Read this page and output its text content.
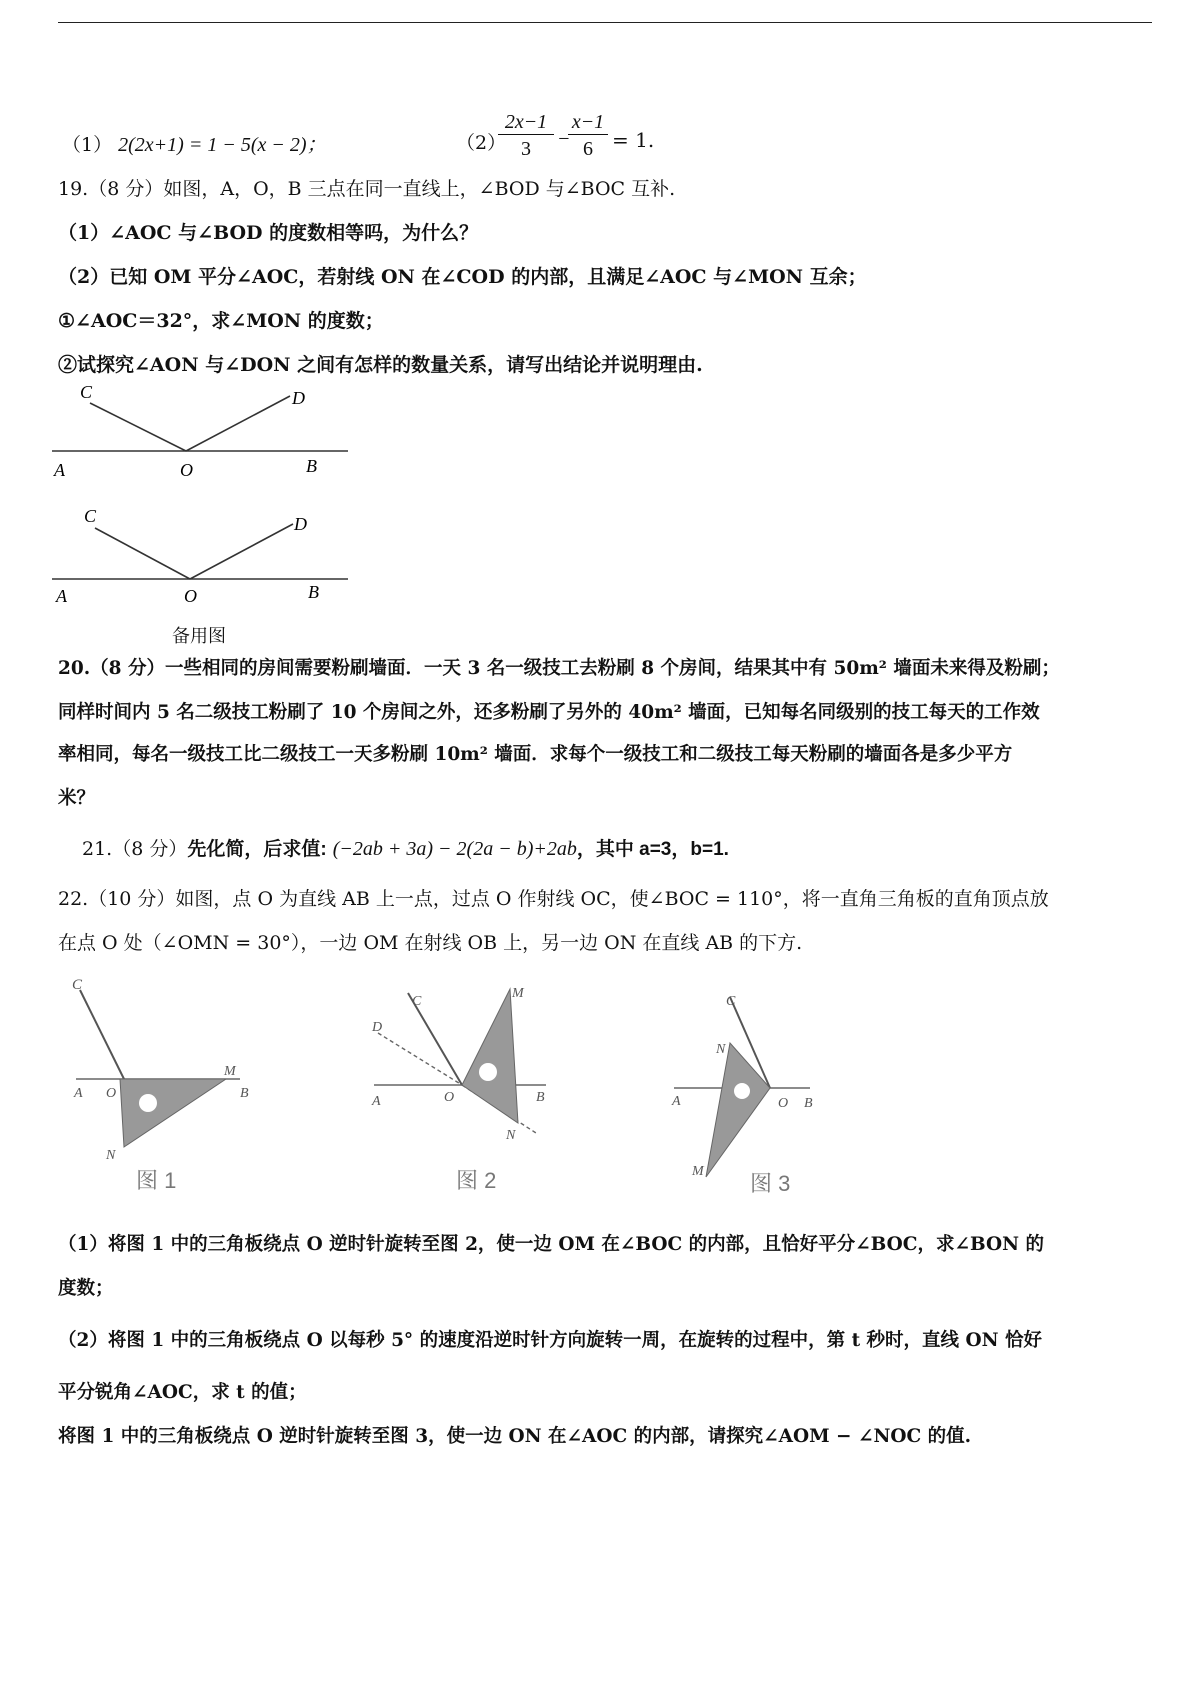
（1） 2(2x+1) = 1 − 5(x − 2)；	（2）
$\frac{2x-1}{3}$ −
$\frac{x-1}{6} = 1$.
19.（8 分）如图，A，O，B 三点在同一直线上，∠BOD 与∠BOC 互补.
（1）∠AOC 与∠BOD 的度数相等吗，为什么？
（2）已知 OM 平分∠AOC，若射线 ON 在∠COD 的内部，且满足∠AOC 与∠MON 互余；
①∠AOC＝32°，求∠MON 的度数；
②试探究∠AON 与∠DON 之间有怎样的数量关系，请写出结论并说明理由.
C	D
A	O	B
C	D
A	O	B
备用图
20.（8 分）一些相同的房间需要粉刷墙面．一天 3 名一级技工去粉刷 8 个房间，结果其中有 50m² 墙面未来得及粉刷；
同样时间内 5 名二级技工粉刷了 10 个房间之外，还多粉刷了另外的 40m² 墙面，已知每名同级别的技工每天的工作效
率相同，每名一级技工比二级技工一天多粉刷 10m² 墙面．求每个一级技工和二级技工每天粉刷的墙面各是多少平方
米？
21.（8 分）先化简，后求值: (−2ab + 3a) − 2(2a − b)+2ab，其中 a=3，b=1.
22.（10 分）如图，点 O 为直线 AB 上一点，过点 O 作射线 OC，使∠BOC = 110°，将一直角三角板的直角顶点放
在点 O 处（∠OMN = 30°），一边 OM 在射线 OB 上，另一边 ON 在直线 AB 的下方.
C
A O
M
B
N
图 1
C
D
M
A	O	B
N
图 2
C
N
A	O B
M 图 3
（1）将图 1 中的三角板绕点 O 逆时针旋转至图 2，使一边 OM 在∠BOC 的内部，且恰好平分∠BOC，求∠BON 的
度数；
（2）将图 1 中的三角板绕点 O 以每秒 5° 的速度沿逆时针方向旋转一周，在旋转的过程中，第 t 秒时，直线 ON 恰好
平分锐角∠AOC，求 t 的值；
将图 1 中的三角板绕点 O 逆时针旋转至图 3，使一边 ON 在∠AOC 的内部，请探究∠AOM − ∠NOC 的值.
